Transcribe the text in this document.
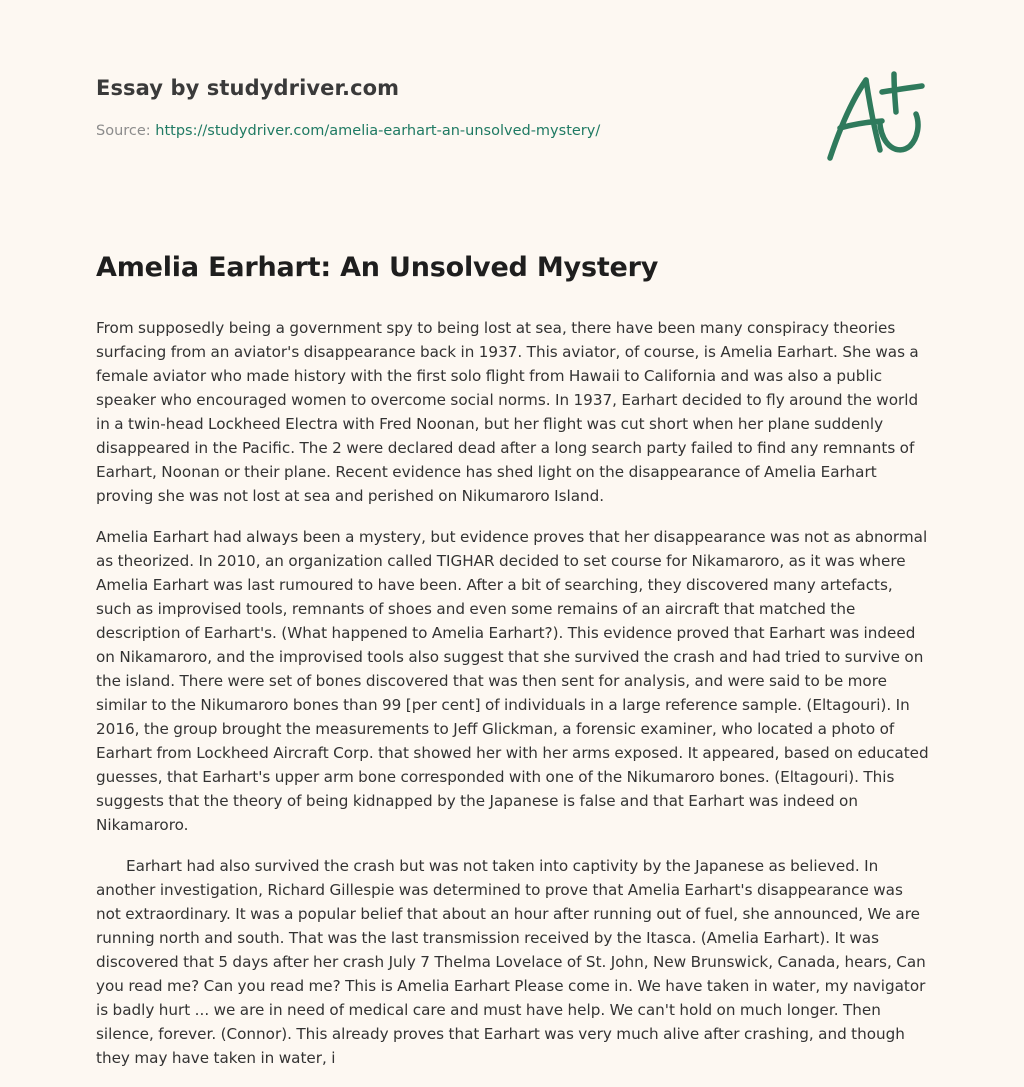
Essay by studydriver.com
Source: https://studydriver.com/amelia-earhart-an-unsolved-mystery/
Amelia Earhart: An Unsolved Mystery

From supposedly being a government spy to being lost at sea, there have been many conspiracy theories surfacing from an aviator's disappearance back in 1937. This aviator, of course, is Amelia Earhart. She was a female aviator who made history with the first solo flight from Hawaii to California and was also a public speaker who encouraged women to overcome social norms. In 1937, Earhart decided to fly around the world in a twin-head Lockheed Electra with Fred Noonan, but her flight was cut short when her plane suddenly disappeared in the Pacific. The 2 were declared dead after a long search party failed to find any remnants of Earhart, Noonan or their plane. Recent evidence has shed light on the disappearance of Amelia Earhart proving she was not lost at sea and perished on Nikumaroro Island.

Amelia Earhart had always been a mystery, but evidence proves that her disappearance was not as abnormal as theorized. In 2010, an organization called TIGHAR decided to set course for Nikamaroro, as it was where Amelia Earhart was last rumoured to have been. After a bit of searching, they discovered many artefacts, such as improvised tools, remnants of shoes and even some remains of an aircraft that matched the description of Earhart's. (What happened to Amelia Earhart?). This evidence proved that Earhart was indeed on Nikamaroro, and the improvised tools also suggest that she survived the crash and had tried to survive on the island. There were set of bones discovered that was then sent for analysis, and were said to be more similar to the Nikumaroro bones than 99 [per cent] of individuals in a large reference sample. (Eltagouri). In 2016, the group brought the measurements to Jeff Glickman, a forensic examiner, who located a photo of Earhart from Lockheed Aircraft Corp. that showed her with her arms exposed. It appeared, based on educated guesses, that Earhart's upper arm bone corresponded with one of the Nikumaroro bones. (Eltagouri). This suggests that the theory of being kidnapped by the Japanese is false and that Earhart was indeed on Nikamaroro.

Earhart had also survived the crash but was not taken into captivity by the Japanese as believed. In another investigation, Richard Gillespie was determined to prove that Amelia Earhart's disappearance was not extraordinary. It was a popular belief that about an hour after running out of fuel, she announced, We are running north and south. That was the last transmission received by the Itasca. (Amelia Earhart). It was discovered that 5 days after her crash July 7 Thelma Lovelace of St. John, New Brunswick, Canada, hears, Can you read me? Can you read me? This is Amelia Earhart Please come in. We have taken in water, my navigator is badly hurt ... we are in need of medical care and must have help. We can't hold on much longer. Then silence, forever. (Connor). This already proves that Earhart was very much alive after crashing, and though they may have taken in water, i
